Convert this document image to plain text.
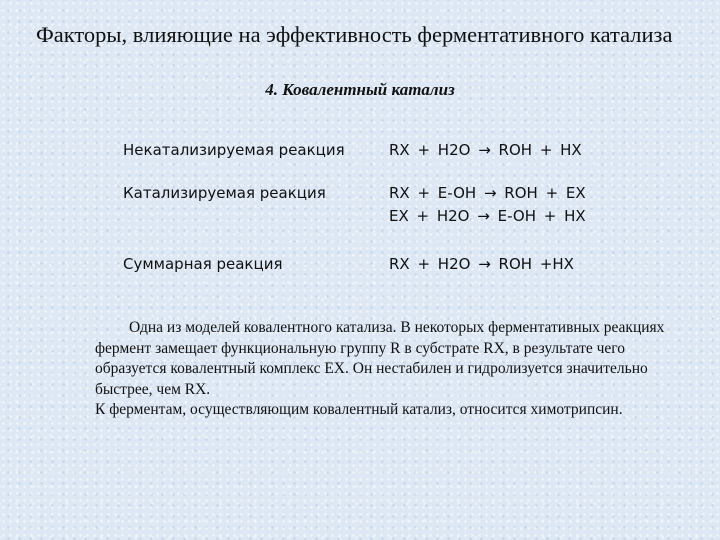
Факторы, влияющие на эффективность ферментативного катализа
4. Ковалентный катализ
Некатализируемая реакция	RX + H2O → ROH + HX
Катализируемая реакция	RX + E-OH → ROH + EX
EX + H2O → E-OH + HX
Суммарная реакция	RX + H2O → ROH +HX

Одна из моделей ковалентного катализа. В некоторых ферментативных реакциях фермент замещает функциональную группу R в субстрате RX, в результате чего образуется ковалентный комплекс EX. Он нестабилен и гидролизуется значительно быстрее, чем RX.

К ферментам, осуществляющим ковалентный катализ, относится химотрипсин.
